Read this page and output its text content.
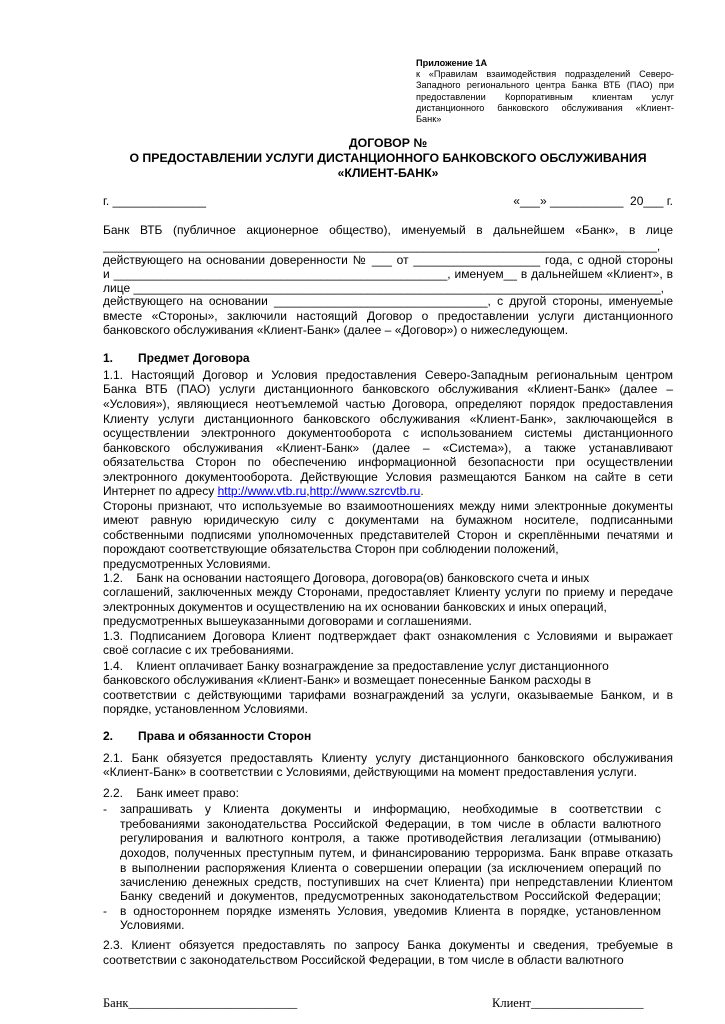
Приложение 1А
к «Правилам взаимодействия подразделений Северо-
Западного регионального центра Банка ВТБ (ПАО) при
предоставлении Корпоративным клиентам услуг
дистанционного банковского обслуживания «Клиент-
Банк»
ДОГОВОР №
О ПРЕДОСТАВЛЕНИИ УСЛУГИ ДИСТАНЦИОННОГО БАНКОВСКОГО ОБСЛУЖИВАНИЯ
«КЛИЕНТ-БАНК»
г. ______________	«___» ___________  20___ г.
Банк ВТБ (публичное акционерное общество), именуемый в дальнейшем «Банк», в лице
___________________________________________________________________________________,
действующего на основании доверенности № ___ от ___________________ года, с одной стороны
и __________________________________________________, именуем__ в дальнейшем «Клиент», в
лице _______________________________________________________________________________,
действующего на основании ________________________________, с другой стороны, именуемые
вместе «Стороны», заключили настоящий Договор о предоставлении услуги дистанционного
банковского обслуживания «Клиент-Банк» (далее – «Договор») о нижеследующем.
1.	Предмет Договора
1.1. Настоящий Договор и Условия предоставления Северо-Западным региональным центром
Банка ВТБ (ПАО) услуги дистанционного банковского обслуживания «Клиент-Банк» (далее –
«Условия»), являющиеся неотъемлемой частью Договора, определяют порядок предоставления
Клиенту услуги дистанционного банковского обслуживания «Клиент-Банк», заключающейся в
осуществлении электронного документооборота с использованием системы дистанционного
банковского обслуживания «Клиент-Банк» (далее – «Система»), а также устанавливают
обязательства Сторон по обеспечению информационной безопасности при осуществлении
электронного документооборота. Действующие Условия размещаются Банком на сайте в сети
Интернет по адресу http://www.vtb.ru,http://www.szrcvtb.ru.
Стороны признают, что используемые во взаимоотношениях между ними электронные документы
имеют равную юридическую силу с документами на бумажном носителе, подписанными
собственными подписями уполномоченных представителей Сторон и скреплёнными печатями и
порождают соответствующие обязательства Сторон при соблюдении положений,
предусмотренных Условиями.
1.2.    Банк на основании настоящего Договора, договора(ов) банковского счета и иных
соглашений, заключенных между Сторонами, предоставляет Клиенту услуги по приему и передаче
электронных документов и осуществлению на их основании банковских и иных операций,
предусмотренных вышеуказанными договорами и соглашениями.
1.3. Подписанием Договора Клиент подтверждает факт ознакомления с Условиями и выражает
своё согласие с их требованиями.
1.4.    Клиент оплачивает Банку вознаграждение за предоставление услуг дистанционного
банковского обслуживания «Клиент-Банк» и возмещает понесенные Банком расходы в
соответствии с действующими тарифами вознаграждений за услуги, оказываемые Банком, и в
порядке, установленном Условиями.
2.	Права и обязанности Сторон
2.1. Банк обязуется предоставлять Клиенту услугу дистанционного банковского обслуживания
«Клиент-Банк» в соответствии с Условиями, действующими на момент предоставления услуги.
2.2.    Банк имеет право:
-	запрашивать у Клиента документы и информацию, необходимые в соответствии с
требованиями законодательства Российской Федерации, в том числе в области валютного
регулирования и валютного контроля, а также противодействия легализации (отмыванию)
доходов, полученных преступным путем, и финансированию терроризма. Банк вправе отказать
в выполнении распоряжения Клиента о совершении операции (за исключением операций по
зачислению денежных средств, поступивших на счет Клиента) при непредставлении Клиентом
Банку сведений и документов, предусмотренных законодательством Российской Федерации;
-	в одностороннем порядке изменять Условия, уведомив Клиента в порядке, установленном
Условиями.
2.3. Клиент обязуется предоставлять по запросу Банка документы и сведения, требуемые в
соответствии с законодательством Российской Федерации, в том числе в области валютного
Банк___________________________	Клиент__________________
